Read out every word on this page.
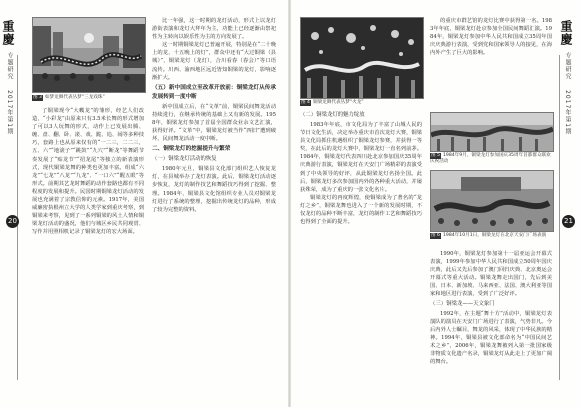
重慶
专题研究
2017年第1期
20
图 3 如梦龙舞代表丛梦“三龙戏珠”

了铜梁现今“大蠖龙”的雏形，经艺人们改造，“小彩龙”由原来只有3.5米长舞的形式增加了可以3人玩舞的形式，动作上已发展出腾、缠、盘、翻、卧、滚、戏、跪、追、闹等多种技巧，套路上也从原来仅有的“一二三，二二三，五、六”“地滚子”“跳鼓”“九穴”“断龙”等舞蹈节奏发展了“贴龙节”“招龙尾”等独立的新表演形式，现代铜梁龙舞的种类也更加丰富。组成“六龙”“七龙”“八龙”“九龙”、“一口六”“醒五眼”等形式。前期其艺龙时舞蹈的动作套路也都有不同程度的发展和提升。民国时期铜梁龙灯活动的发展也充满着了宗教信仰的元素。1917年，美国威廉密执根州立大学的人类学家到重庆考察，到铜梁来考察，见到了一系列铜梁的风土人情和铜梁龙灯活动的盛况，他们与城区乡民共同观赏、写作并用照相机记录了铜梁龙灯的宏大场面。

比一年强，这一时期的龙灯活动，形式上以龙灯游街表演和龙灯大拜年为主，功能上已经逐渐由祭祀性为主转向以娱乐性为主的方向发展了。

这一时期铜梁龙灯已普遍开展，特别是在“二十晚上的龙、十五晚上的灯”，群众中还有“大过铜梁（县城）”，铜梁龙灯（龙灯），合川看春（春会）”等口语流传。川西、渝西地区远近皆知铜梁的龙灯，影响逐渐扩大。

（五）新中国成立至改革开放前：铜梁龙灯从传承发展转到一度中断

新中国成立后，在“文革”前，铜梁民间舞龙活动持续进行，在继承传统的基础上又有新的发展。1958年，铜梁龙灯参加了首届全国群众业余文艺汇演，获得好评。“文革”中，铜梁龙灯被当作“四旧”遭到破坏，民间舞龙活动一度中断。

二、铜梁龙灯的挖掘提升与繁荣

（一）铜梁龙灯活动的恢复

1980年元旦，铜梁县文化部门组织艺人恢复龙灯，在县城举办了龙灯表演。此后，铜梁龙灯活动逐步恢复，龙灯的制作技艺和舞蹈技巧得到了挖掘、整理。1984年，铜梁县文化馆组织专业人员对铜梁龙灯进行了系统的整理，挖掘出传统龙灯的品种，形成了较为完整的资料。

图 4 铜梁龙舞代表丛梦“火龙”

的重庆市群艺馆的龙灯比赛中获得第一名。1983年年底，铜梁龙灯赴京参加全国民间舞蹈汇演。1984年，铜梁龙灯参加中华人民共和国成立35周年国庆庆典游行表演，受到党和国家领导人的接见，在海内外产生了巨大的影响。

（二）铜梁龙灯的魅力绽放

1983年年底，市文化局为了丰富了山城人民的节日文化生活，决定举办重庆市首次龙灯大赛，铜梁县文化局抓住机遇组织了铜梁龙灯参赛，并获得一等奖，在此后的龙灯大赛中，铜梁龙灯一直名列前茅。1984年，铜梁龙灯代表四川赴北京参加国庆35周年庆典游行表演，铜梁龙灯在天安门广场精彩的表演受到了中央领导的好评，从此铜梁龙灯名扬全国。此后，铜梁龙灯多次参加国内外的各种重大活动，并屡获殊荣，成为了重庆的一张文化名片。

铜梁龙灯的再度辉煌，使铜梁成为了著名的“龙灯之乡”，铜梁龙舞也进入了一个新的发展时期，不仅龙灯的品种不断丰富，龙灯的制作工艺和舞蹈技巧也得到了全面的提升。

图 5 1984年9月，铜梁龙灯参加国庆35周年首都群众联欢庆祝活动
图 6 1984年10月1日，铜梁龙灯在北京天安门广场表演

1990年，铜梁龙灯参加第十一届亚运会开幕式表演，1999年参加中华人民共和国成立50周年国庆庆典，此后又先后参加了澳门回归庆典、北京奥运会开幕式等重大活动。铜梁龙舞走出国门，先后到美国、日本、新加坡、马来西亚、法国、澳大利亚等国家和地区进行表演，受到了广泛好评。

（三）铜梁龙——天文象门

1992年，在主题“舞十方”活动中，铜梁龙灯表演队的演员在天安门广场进行了表演，气势非凡。今后内外人士瞩目，舞龙的风采，体现了中华民族的精神。1994年，铜梁县被文化部命名为“中国民间艺术之乡”，2006年，铜梁龙舞被列入第一批国家级非物质文化遗产名录，铜梁龙灯从此走上了更加广阔的舞台。

重慶
专题研究
2017年第1期
21
